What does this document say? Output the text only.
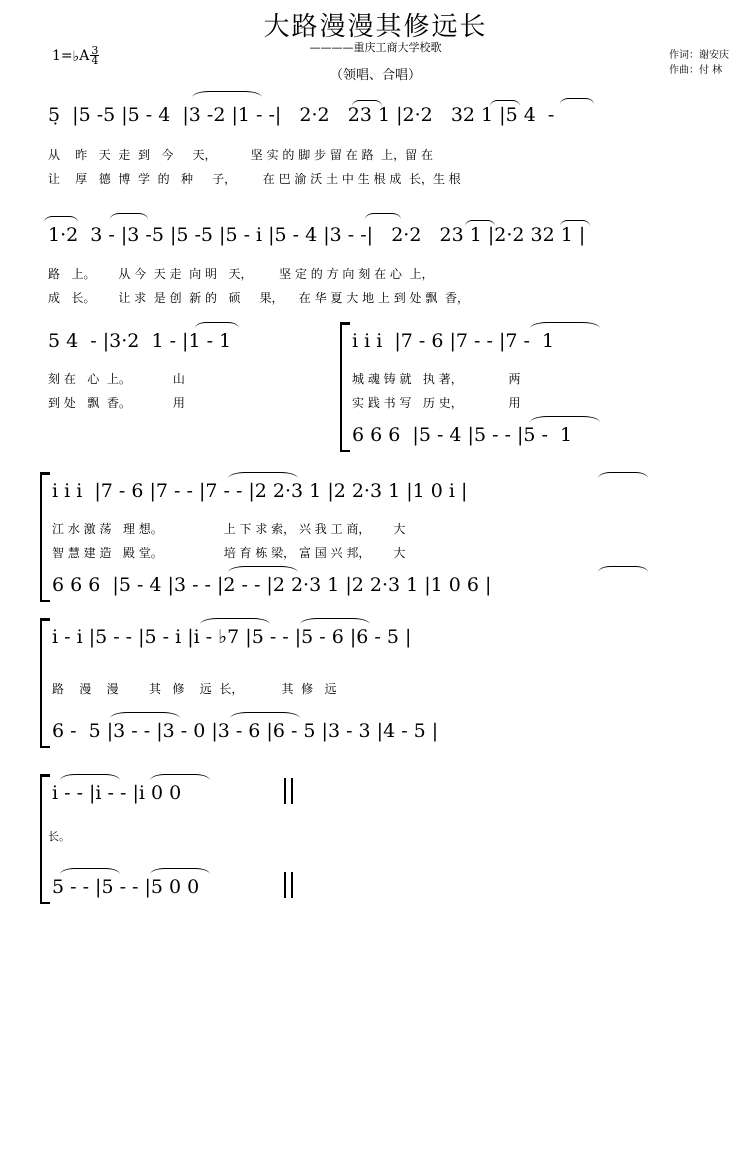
大路漫漫其修远长
————重庆工商大学校歌
（领唱、合唱）
作词：谢安庆
作曲：付 林
1=♭A $\frac{3}{4}$
5̣  |5 -5 |5 - 4  |3 -2 |1 - -|   2·2   23 1 |2·2   32 1 |5 4  -
从    昨   天  走  到   今     天，         坚 实 的 脚 步 留 在 路  上，留 在
让    厚   德  博  学  的   种     子，       在 巴 渝 沃 土 中 生 根 成  长，生 根
1·2  3 - |3 -5 |5 -5 |5 - i |5 - 4 |3 - -|   2·2   23 1 |2·2 32 1 |
路   上。      从 今  天 走  向 明   天，       坚 定 的 方 向 刻 在 心  上，
成   长。      让 求  是 创  新 的   硕     果，    在 华 夏 大 地 上 到 处 飘  香，
5 4  - |3·2  1 - |1 - 1
刻 在   心  上。           山
到 处   飘  香。           用
i i i  |7 - 6 |7 - - |7 -  1
城 魂 铸 就   执 著，            两
实 践 书 写   历 史，            用
6 6 6  |5 - 4 |5 - - |5 -  1
i i i  |7 - 6 |7 - - |7 - - |2 2·3 1 |2 2·3 1 |1 0 i |
江 水 激 荡   理 想。                上 下 求 索， 兴 我 工 商，      大
智 慧 建 造   殿 堂。                培 育 栋 梁， 富 国 兴 邦，      大
6 6 6  |5 - 4 |3 - - |2 - - |2 2·3 1 |2 2·3 1 |1 0 6 |
i - i |5 - - |5 - i |i - ♭7 |5 - - |5 - 6 |6 - 5 |
路    漫    漫        其   修    远  长，          其  修   远
6 -  5 |3 - - |3 - 0 |3 - 6 |6 - 5 |3 - 3 |4 - 5 |
i - - |i - - |i 0 0
长。
5 - - |5 - - |5 0 0
